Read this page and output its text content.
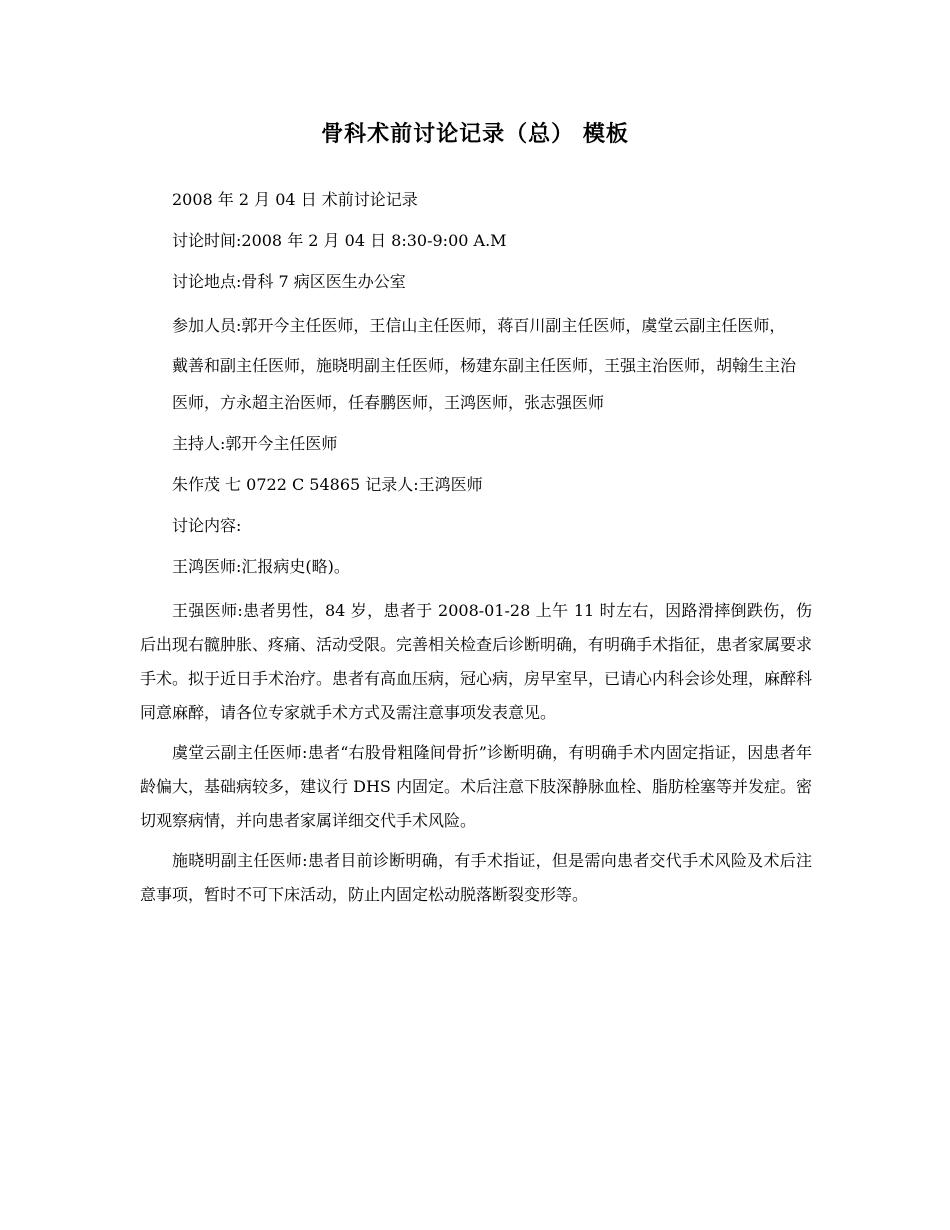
骨科术前讨论记录（总） 模板

2008 年 2 月 04 日 术前讨论记录

讨论时间:2008 年 2 月 04 日 8:30-9:00 A.M

讨论地点:骨科 7 病区医生办公室

参加人员:郭开今主任医师，王信山主任医师，蒋百川副主任医师，虞堂云副主任医师，

戴善和副主任医师，施晓明副主任医师，杨建东副主任医师，王强主治医师，胡翰生主治

医师，方永超主治医师，任春鹏医师，王鸿医师，张志强医师

主持人:郭开今主任医师

朱作茂 七 0722 C 54865 记录人:王鸿医师

讨论内容:

王鸿医师:汇报病史(略)。

王强医师:患者男性，84 岁，患者于 2008-01-28 上午 11 时左右，因路滑摔倒跌伤，伤后出现右髋肿胀、疼痛、活动受限。完善相关检查后诊断明确，有明确手术指征，患者家属要求手术。拟于近日手术治疗。患者有高血压病，冠心病，房早室早，已请心内科会诊处理，麻醉科同意麻醉，请各位专家就手术方式及需注意事项发表意见。

虞堂云副主任医师:患者“右股骨粗隆间骨折”诊断明确，有明确手术内固定指证，因患者年龄偏大，基础病较多，建议行 DHS 内固定。术后注意下肢深静脉血栓、脂肪栓塞等并发症。密切观察病情，并向患者家属详细交代手术风险。

施晓明副主任医师:患者目前诊断明确，有手术指证，但是需向患者交代手术风险及术后注意事项，暂时不可下床活动，防止内固定松动脱落断裂变形等。
